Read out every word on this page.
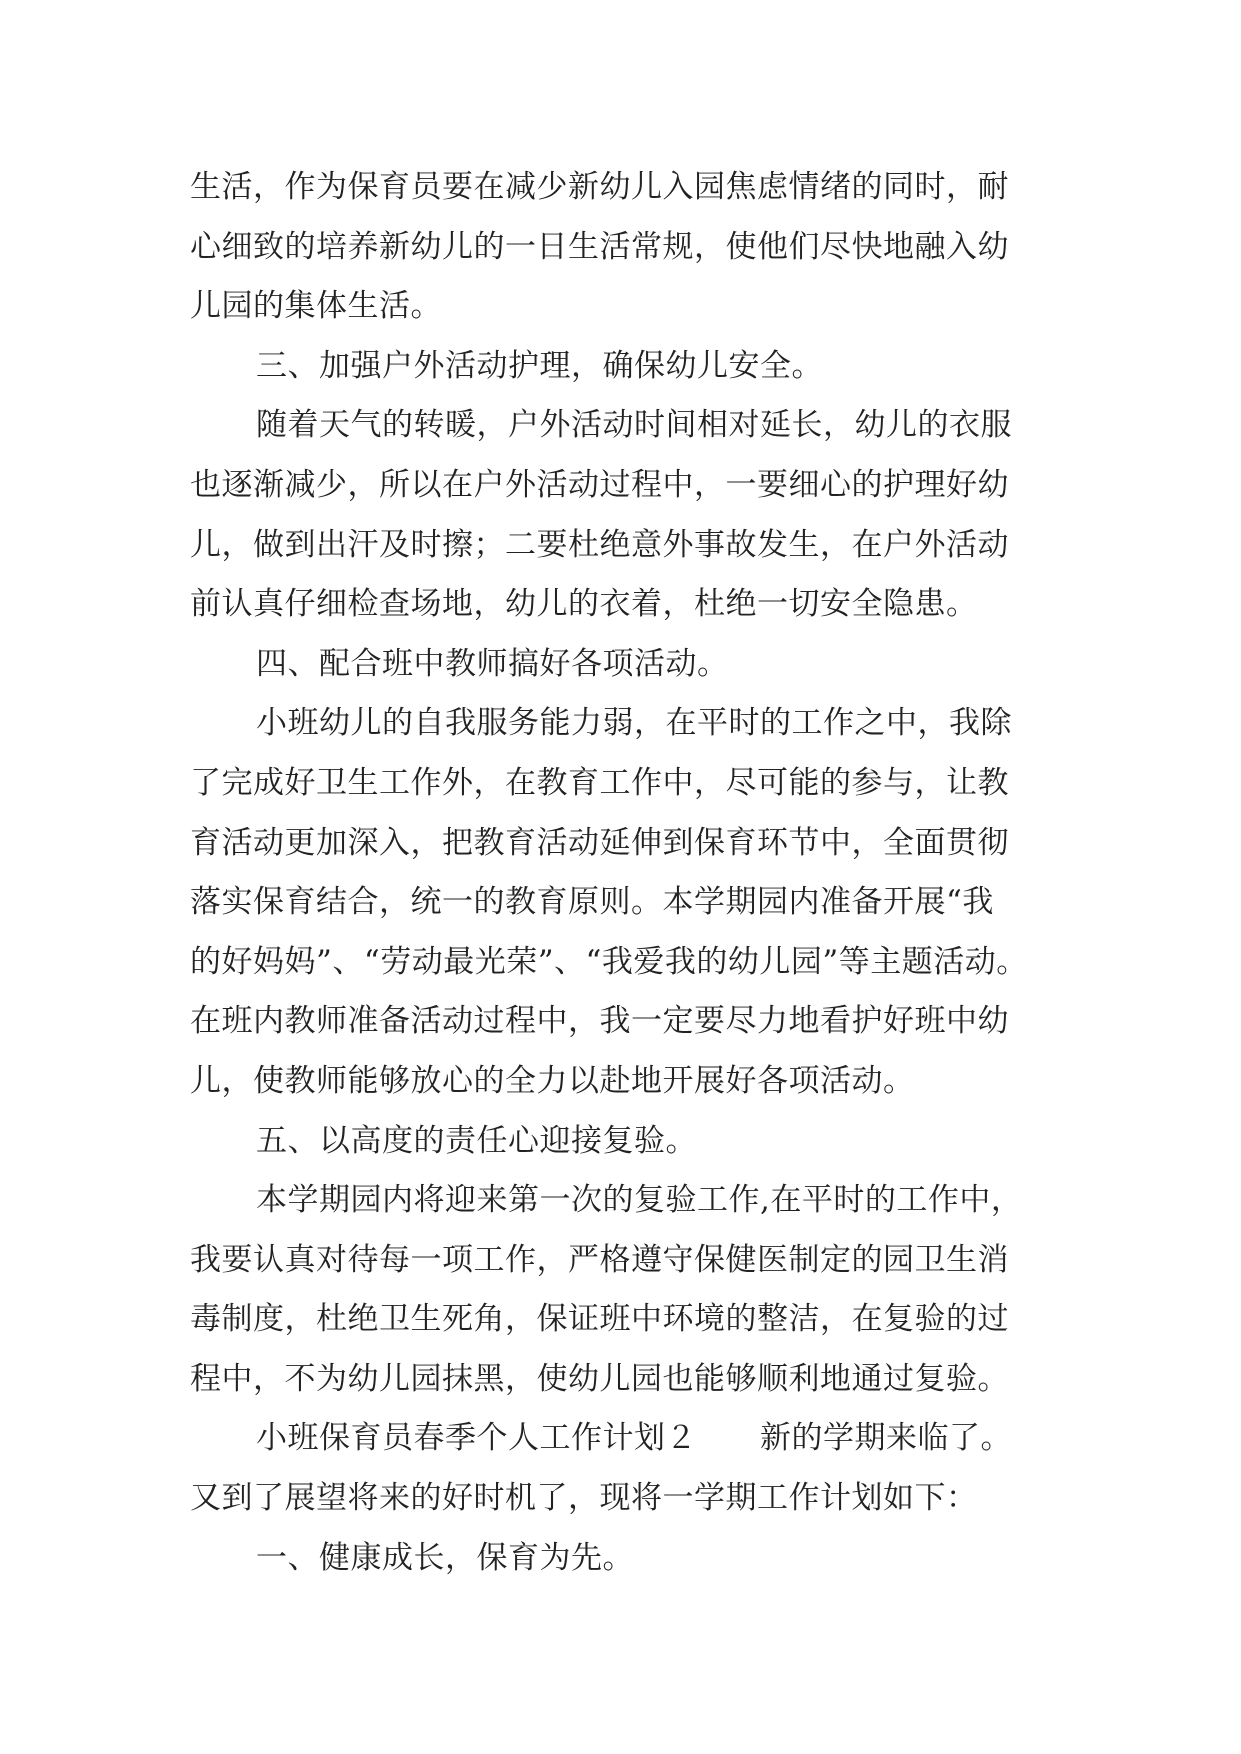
生活，作为保育员要在减少新幼儿入园焦虑情绪的同时，耐
心细致的培养新幼儿的一日生活常规，使他们尽快地融入幼
儿园的集体生活。
三、加强户外活动护理，确保幼儿安全。
随着天气的转暖，户外活动时间相对延长，幼儿的衣服
也逐渐减少，所以在户外活动过程中，一要细心的护理好幼
儿，做到出汗及时擦；二要杜绝意外事故发生，在户外活动
前认真仔细检查场地，幼儿的衣着，杜绝一切安全隐患。
四、配合班中教师搞好各项活动。
小班幼儿的自我服务能力弱，在平时的工作之中，我除
了完成好卫生工作外，在教育工作中，尽可能的参与，让教
育活动更加深入，把教育活动延伸到保育环节中，全面贯彻
落实保育结合，统一的教育原则。本学期园内准备开展“我
的好妈妈”、“劳动最光荣”、“我爱我的幼儿园”等主题活动。
在班内教师准备活动过程中，我一定要尽力地看护好班中幼
儿，使教师能够放心的全力以赴地开展好各项活动。
五、以高度的责任心迎接复验。
本学期园内将迎来第一次的复验工作,在平时的工作中，
我要认真对待每一项工作，严格遵守保健医制定的园卫生消
毒制度，杜绝卫生死角，保证班中环境的整洁，在复验的过
程中，不为幼儿园抹黑，使幼儿园也能够顺利地通过复验。
小班保育员春季个人工作计划２　　新的学期来临了。
又到了展望将来的好时机了，现将一学期工作计划如下：
一、健康成长，保育为先。
